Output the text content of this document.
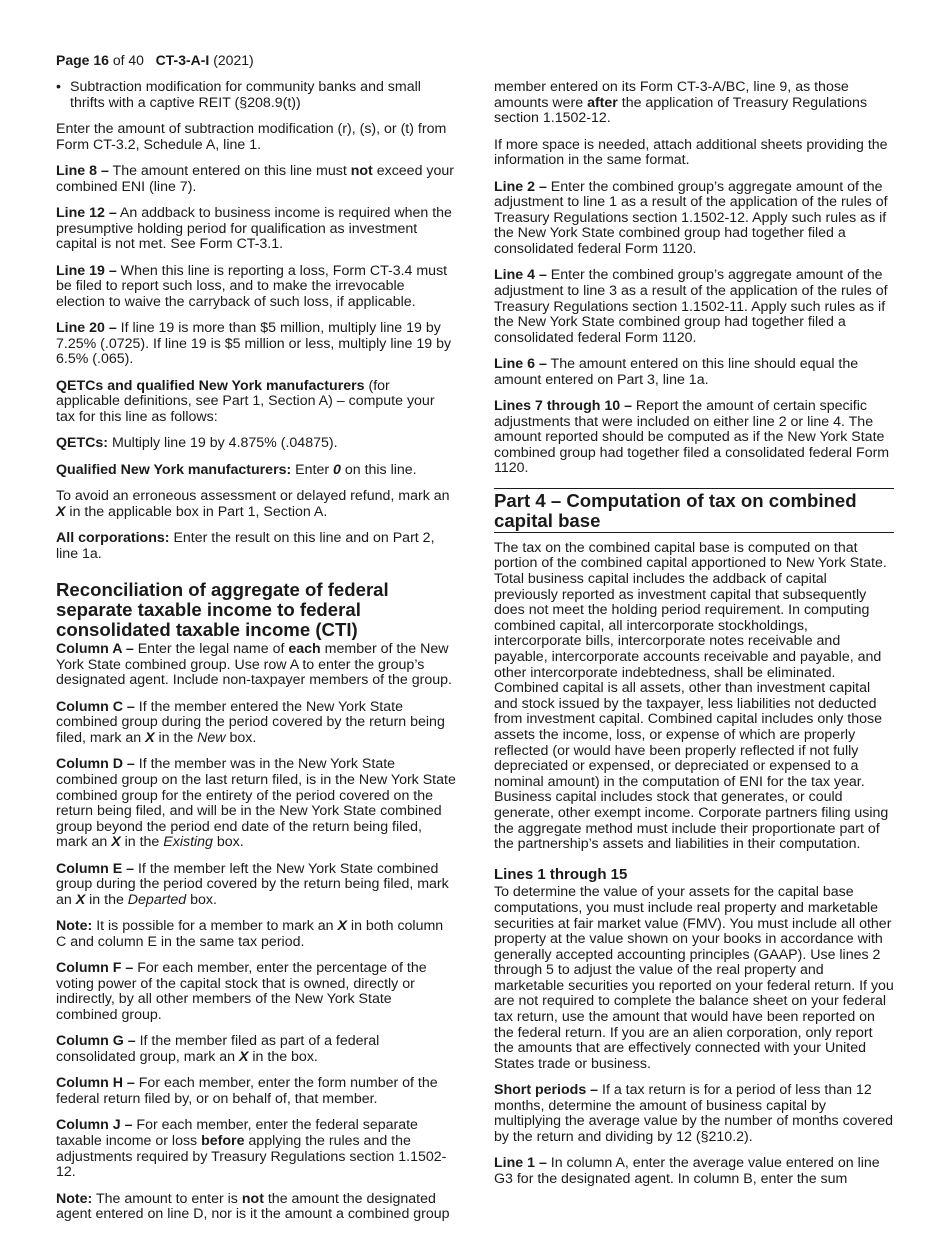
Page 16 of 40 CT-3-A-I (2021)
• Subtraction modification for community banks and small thrifts with a captive REIT (§208.9(t))

Enter the amount of subtraction modification (r), (s), or (t) from Form CT-3.2, Schedule A, line 1.

Line 8 – The amount entered on this line must not exceed your combined ENI (line 7).

Line 12 – An addback to business income is required when the presumptive holding period for qualification as investment capital is not met. See Form CT-3.1.

Line 19 – When this line is reporting a loss, Form CT-3.4 must be filed to report such loss, and to make the irrevocable election to waive the carryback of such loss, if applicable.

Line 20 – If line 19 is more than $5 million, multiply line 19 by 7.25% (.0725). If line 19 is $5 million or less, multiply line 19 by 6.5% (.065).

QETCs and qualified New York manufacturers (for applicable definitions, see Part 1, Section A) – compute your tax for this line as follows:

QETCs: Multiply line 19 by 4.875% (.04875).

Qualified New York manufacturers: Enter 0 on this line.

To avoid an erroneous assessment or delayed refund, mark an X in the applicable box in Part 1, Section A.

All corporations: Enter the result on this line and on Part 2, line 1a.

Reconciliation of aggregate of federal separate taxable income to federal consolidated taxable income (CTI)

Column A – Enter the legal name of each member of the New York State combined group. Use row A to enter the group’s designated agent. Include non-taxpayer members of the group.

Column C – If the member entered the New York State combined group during the period covered by the return being filed, mark an X in the New box.

Column D – If the member was in the New York State combined group on the last return filed, is in the New York State combined group for the entirety of the period covered on the return being filed, and will be in the New York State combined group beyond the period end date of the return being filed, mark an X in the Existing box.

Column E – If the member left the New York State combined group during the period covered by the return being filed, mark an X in the Departed box.

Note: It is possible for a member to mark an X in both column C and column E in the same tax period.

Column F – For each member, enter the percentage of the voting power of the capital stock that is owned, directly or indirectly, by all other members of the New York State combined group.

Column G – If the member filed as part of a federal consolidated group, mark an X in the box.

Column H – For each member, enter the form number of the federal return filed by, or on behalf of, that member.

Column J – For each member, enter the federal separate taxable income or loss before applying the rules and the adjustments required by Treasury Regulations section 1.1502-12.

Note: The amount to enter is not the amount the designated agent entered on line D, nor is it the amount a combined group

member entered on its Form CT-3-A/BC, line 9, as those amounts were after the application of Treasury Regulations section 1.1502-12.

If more space is needed, attach additional sheets providing the information in the same format.

Line 2 – Enter the combined group’s aggregate amount of the adjustment to line 1 as a result of the application of the rules of Treasury Regulations section 1.1502-12. Apply such rules as if the New York State combined group had together filed a consolidated federal Form 1120.

Line 4 – Enter the combined group’s aggregate amount of the adjustment to line 3 as a result of the application of the rules of Treasury Regulations section 1.1502-11. Apply such rules as if the New York State combined group had together filed a consolidated federal Form 1120.

Line 6 – The amount entered on this line should equal the amount entered on Part 3, line 1a.

Lines 7 through 10 – Report the amount of certain specific adjustments that were included on either line 2 or line 4. The amount reported should be computed as if the New York State combined group had together filed a consolidated federal Form 1120.

Part 4 – Computation of tax on combined capital base

The tax on the combined capital base is computed on that portion of the combined capital apportioned to New York State. Total business capital includes the addback of capital previously reported as investment capital that subsequently does not meet the holding period requirement. In computing combined capital, all intercorporate stockholdings, intercorporate bills, intercorporate notes receivable and payable, intercorporate accounts receivable and payable, and other intercorporate indebtedness, shall be eliminated. Combined capital is all assets, other than investment capital and stock issued by the taxpayer, less liabilities not deducted from investment capital. Combined capital includes only those assets the income, loss, or expense of which are properly reflected (or would have been properly reflected if not fully depreciated or expensed, or depreciated or expensed to a nominal amount) in the computation of ENI for the tax year. Business capital includes stock that generates, or could generate, other exempt income. Corporate partners filing using the aggregate method must include their proportionate part of the partnership’s assets and liabilities in their computation.

Lines 1 through 15

To determine the value of your assets for the capital base computations, you must include real property and marketable securities at fair market value (FMV). You must include all other property at the value shown on your books in accordance with generally accepted accounting principles (GAAP). Use lines 2 through 5 to adjust the value of the real property and marketable securities you reported on your federal return. If you are not required to complete the balance sheet on your federal tax return, use the amount that would have been reported on the federal return. If you are an alien corporation, only report the amounts that are effectively connected with your United States trade or business.

Short periods – If a tax return is for a period of less than 12 months, determine the amount of business capital by multiplying the average value by the number of months covered by the return and dividing by 12 (§210.2).

Line 1 – In column A, enter the average value entered on line G3 for the designated agent. In column B, enter the sum
